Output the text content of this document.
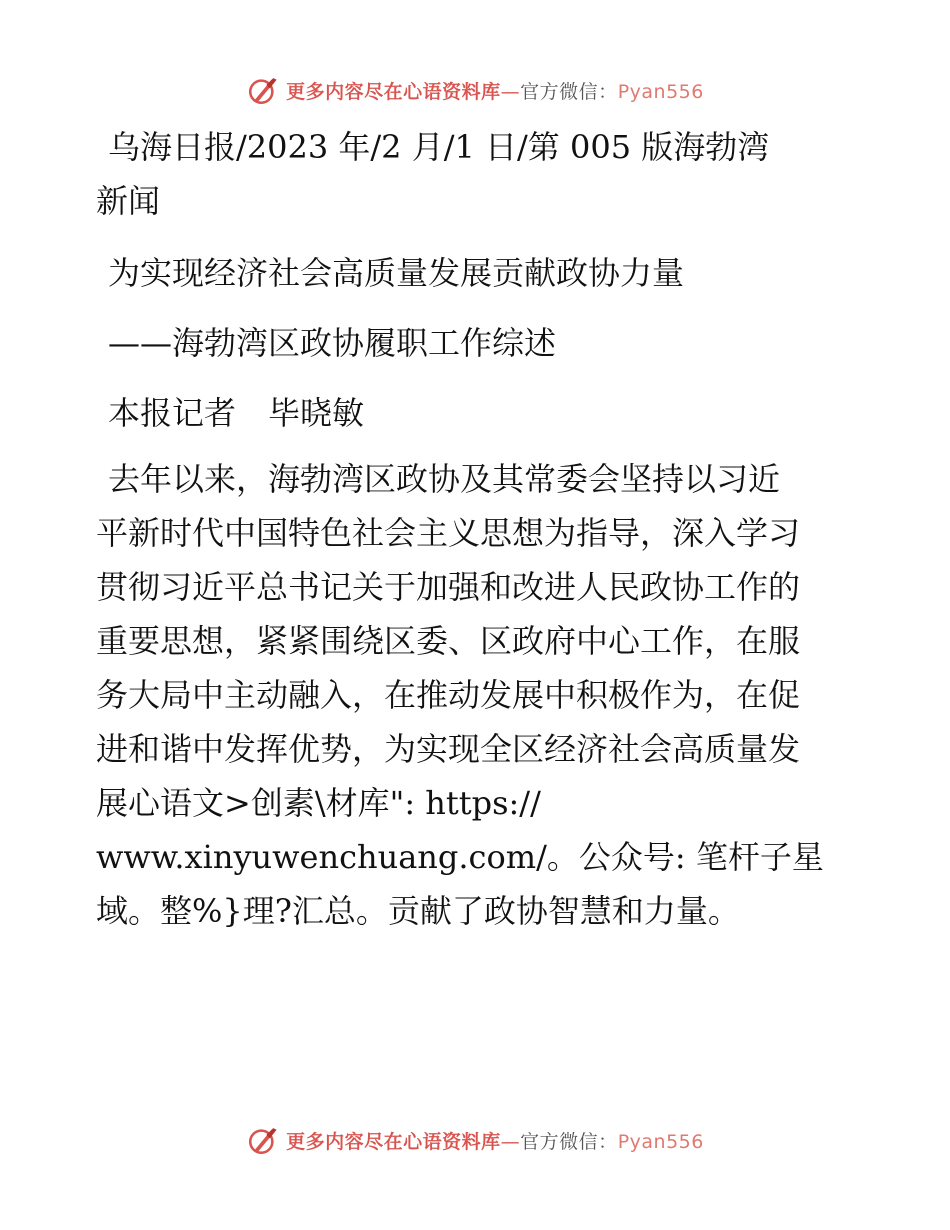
更多内容尽在心语资料库—官方微信：Pyan556

乌海日报/2023 年/2 月/1 日/第 005 版海勃湾

新闻

为实现经济社会高质量发展贡献政协力量

——海勃湾区政协履职工作综述

本报记者　毕晓敏

去年以来，海勃湾区政协及其常委会坚持以习近

平新时代中国特色社会主义思想为指导，深入学习

贯彻习近平总书记关于加强和改进人民政协工作的

重要思想，紧紧围绕区委、区政府中心工作，在服

务大局中主动融入，在推动发展中积极作为，在促

进和谐中发挥优势，为实现全区经济社会高质量发

展心语文>创素\材库": https://

www.xinyuwenchuang.com/。公众号: 笔杆子星

域。整%}理?汇总。贡献了政协智慧和力量。

更多内容尽在心语资料库—官方微信：Pyan556
